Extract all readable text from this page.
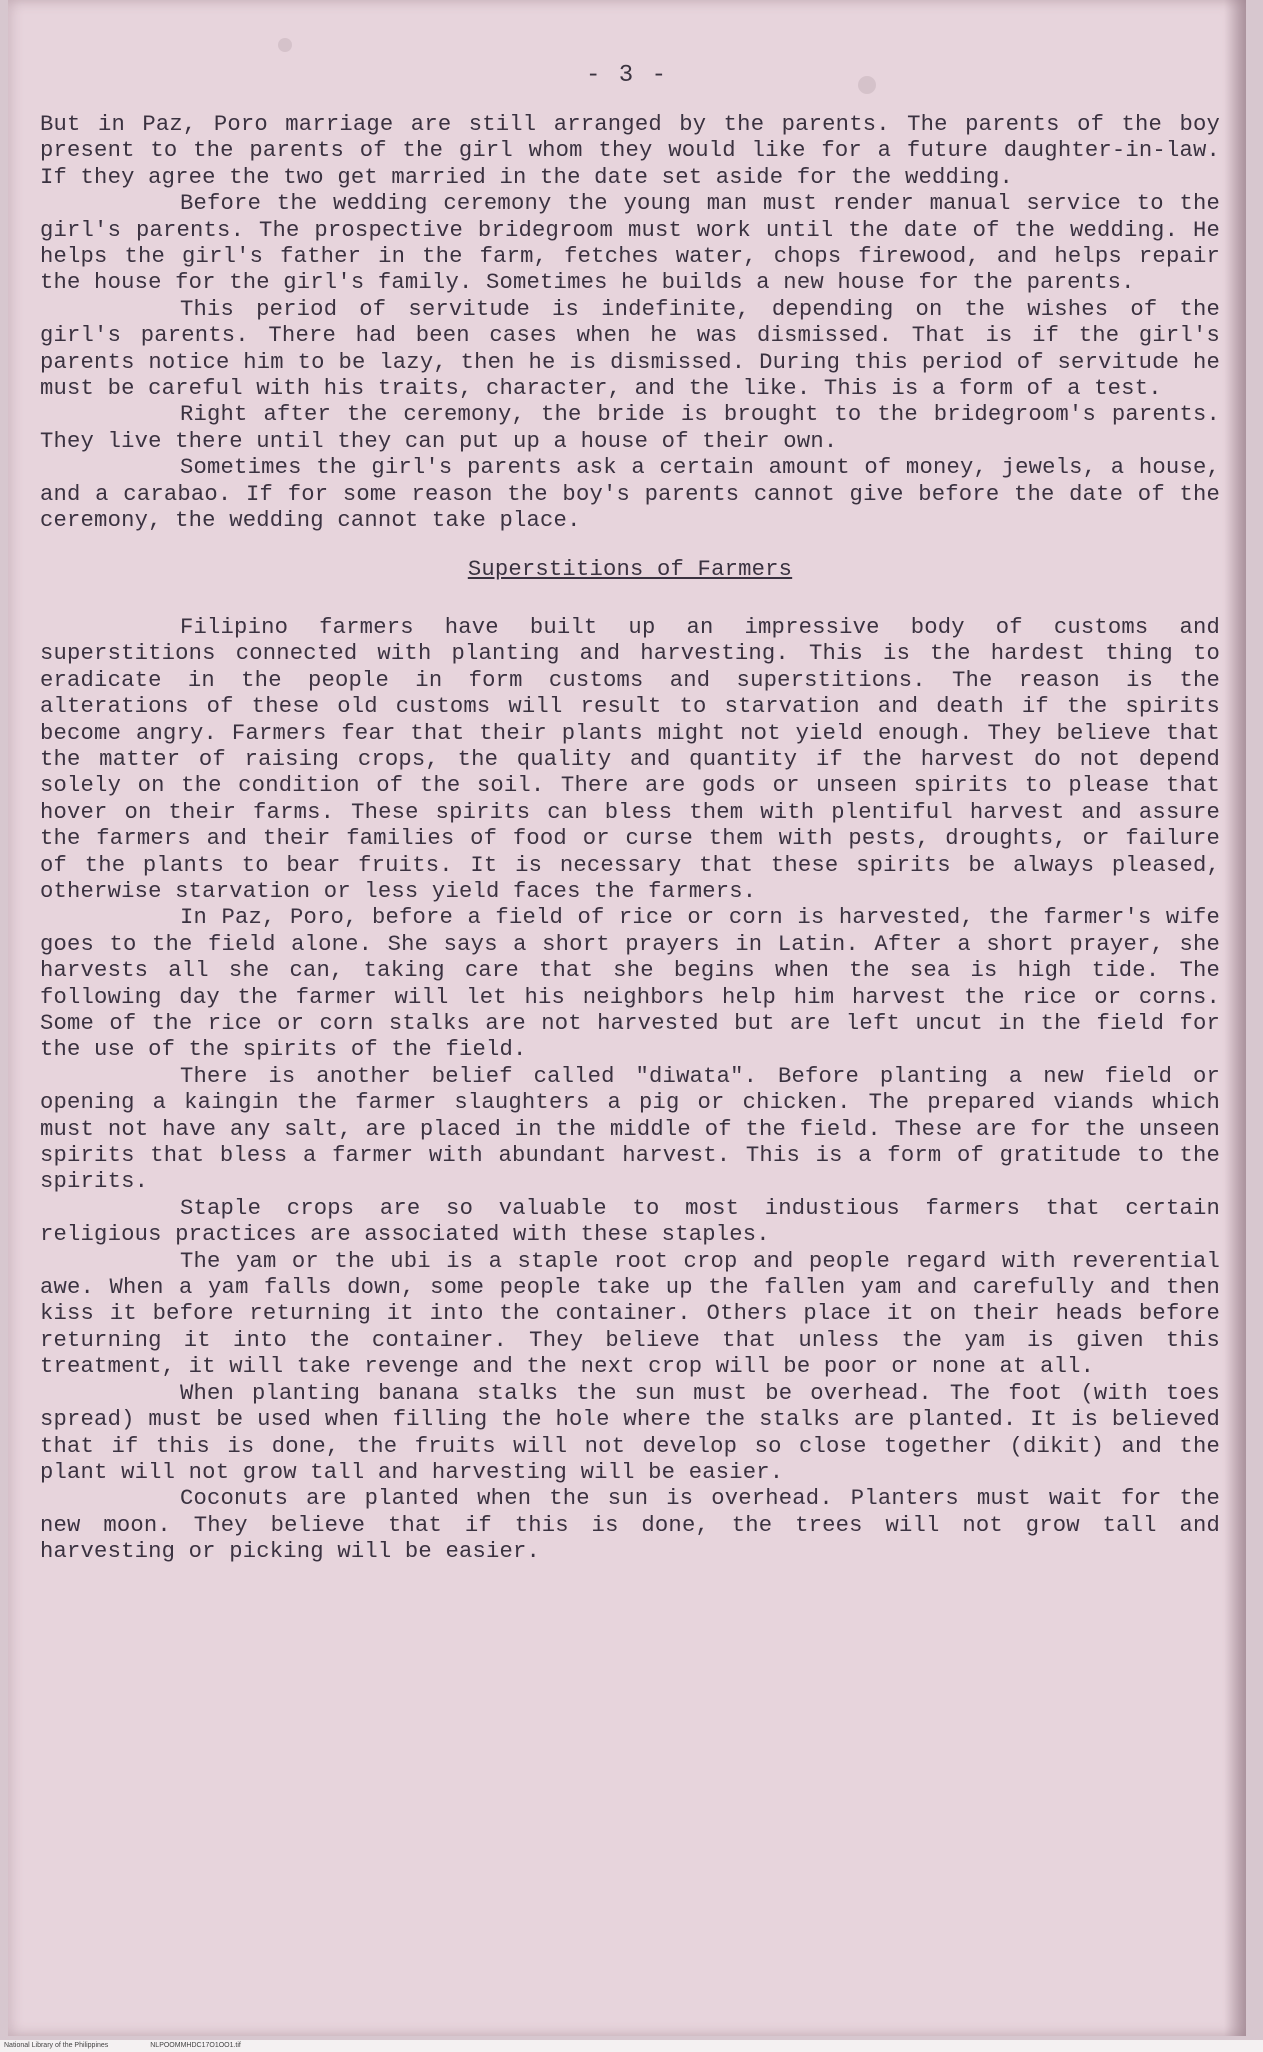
- 3 -

But in Paz, Poro marriage are still arranged by the parents. The parents of the boy present to the parents of the girl whom they would like for a future daughter-in-law. If they agree the two get married in the date set aside for the wedding.

Before the wedding ceremony the young man must render manual service to the girl's parents. The prospective bridegroom must work until the date of the wedding. He helps the girl's father in the farm, fetches water, chops firewood, and helps repair the house for the girl's family. Sometimes he builds a new house for the parents.

This period of servitude is indefinite, depending on the wishes of the girl's parents. There had been cases when he was dismissed. That is if the girl's parents notice him to be lazy, then he is dismissed. During this period of servitude he must be careful with his traits, character, and the like. This is a form of a test.

Right after the ceremony, the bride is brought to the bridegroom's parents. They live there until they can put up a house of their own.

Sometimes the girl's parents ask a certain amount of money, jewels, a house, and a carabao. If for some reason the boy's parents cannot give before the date of the ceremony, the wedding cannot take place.

Superstitions of Farmers

Filipino farmers have built up an impressive body of customs and superstitions connected with planting and harvesting. This is the hardest thing to eradicate in the people in form customs and superstitions. The reason is the alterations of these old customs will result to starvation and death if the spirits become angry. Farmers fear that their plants might not yield enough. They believe that the matter of raising crops, the quality and quantity if the harvest do not depend solely on the condition of the soil. There are gods or unseen spirits to please that hover on their farms. These spirits can bless them with plentiful harvest and assure the farmers and their families of food or curse them with pests, droughts, or failure of the plants to bear fruits. It is necessary that these spirits be always pleased, otherwise starvation or less yield faces the farmers.

In Paz, Poro, before a field of rice or corn is harvested, the farmer's wife goes to the field alone. She says a short prayers in Latin. After a short prayer, she harvests all she can, taking care that she begins when the sea is high tide. The following day the farmer will let his neighbors help him harvest the rice or corns. Some of the rice or corn stalks are not harvested but are left uncut in the field for the use of the spirits of the field.

There is another belief called "diwata". Before planting a new field or opening a kaingin the farmer slaughters a pig or chicken. The prepared viands which must not have any salt, are placed in the middle of the field. These are for the unseen spirits that bless a farmer with abundant harvest. This is a form of gratitude to the spirits.

Staple crops are so valuable to most industious farmers that certain religious practices are associated with these staples.

The yam or the ubi is a staple root crop and people regard with reverential awe. When a yam falls down, some people take up the fallen yam and carefully and then kiss it before returning it into the container. Others place it on their heads before returning it into the container. They believe that unless the yam is given this treatment, it will take revenge and the next crop will be poor or none at all.

When planting banana stalks the sun must be overhead. The foot (with toes spread) must be used when filling the hole where the stalks are planted. It is believed that if this is done, the fruits will not develop so close together (dikit) and the plant will not grow tall and harvesting will be easier.

Coconuts are planted when the sun is overhead. Planters must wait for the new moon. They believe that if this is done, the trees will not grow tall and harvesting or picking will be easier.

National Library of the Philippines	NLPOOMMHDC17O1OO1.tif
